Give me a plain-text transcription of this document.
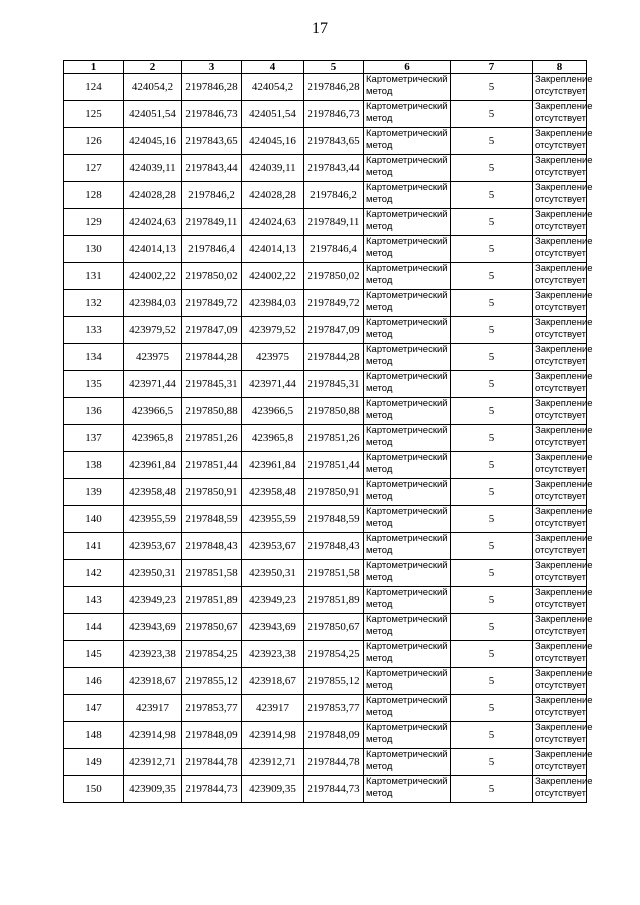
17
1	2	3	4	5	6	7	8
124	424054,2	2197846,28	424054,2	2197846,28	Картометрический метод	5	Закрепление отсутствует
125	424051,54	2197846,73	424051,54	2197846,73	Картометрический метод	5	Закрепление отсутствует
126	424045,16	2197843,65	424045,16	2197843,65	Картометрический метод	5	Закрепление отсутствует
127	424039,11	2197843,44	424039,11	2197843,44	Картометрический метод	5	Закрепление отсутствует
128	424028,28	2197846,2	424028,28	2197846,2	Картометрический метод	5	Закрепление отсутствует
129	424024,63	2197849,11	424024,63	2197849,11	Картометрический метод	5	Закрепление отсутствует
130	424014,13	2197846,4	424014,13	2197846,4	Картометрический метод	5	Закрепление отсутствует
131	424002,22	2197850,02	424002,22	2197850,02	Картометрический метод	5	Закрепление отсутствует
132	423984,03	2197849,72	423984,03	2197849,72	Картометрический метод	5	Закрепление отсутствует
133	423979,52	2197847,09	423979,52	2197847,09	Картометрический метод	5	Закрепление отсутствует
134	423975	2197844,28	423975	2197844,28	Картометрический метод	5	Закрепление отсутствует
135	423971,44	2197845,31	423971,44	2197845,31	Картометрический метод	5	Закрепление отсутствует
136	423966,5	2197850,88	423966,5	2197850,88	Картометрический метод	5	Закрепление отсутствует
137	423965,8	2197851,26	423965,8	2197851,26	Картометрический метод	5	Закрепление отсутствует
138	423961,84	2197851,44	423961,84	2197851,44	Картометрический метод	5	Закрепление отсутствует
139	423958,48	2197850,91	423958,48	2197850,91	Картометрический метод	5	Закрепление отсутствует
140	423955,59	2197848,59	423955,59	2197848,59	Картометрический метод	5	Закрепление отсутствует
141	423953,67	2197848,43	423953,67	2197848,43	Картометрический метод	5	Закрепление отсутствует
142	423950,31	2197851,58	423950,31	2197851,58	Картометрический метод	5	Закрепление отсутствует
143	423949,23	2197851,89	423949,23	2197851,89	Картометрический метод	5	Закрепление отсутствует
144	423943,69	2197850,67	423943,69	2197850,67	Картометрический метод	5	Закрепление отсутствует
145	423923,38	2197854,25	423923,38	2197854,25	Картометрический метод	5	Закрепление отсутствует
146	423918,67	2197855,12	423918,67	2197855,12	Картометрический метод	5	Закрепление отсутствует
147	423917	2197853,77	423917	2197853,77	Картометрический метод	5	Закрепление отсутствует
148	423914,98	2197848,09	423914,98	2197848,09	Картометрический метод	5	Закрепление отсутствует
149	423912,71	2197844,78	423912,71	2197844,78	Картометрический метод	5	Закрепление отсутствует
150	423909,35	2197844,73	423909,35	2197844,73	Картометрический метод	5	Закрепление отсутствует
